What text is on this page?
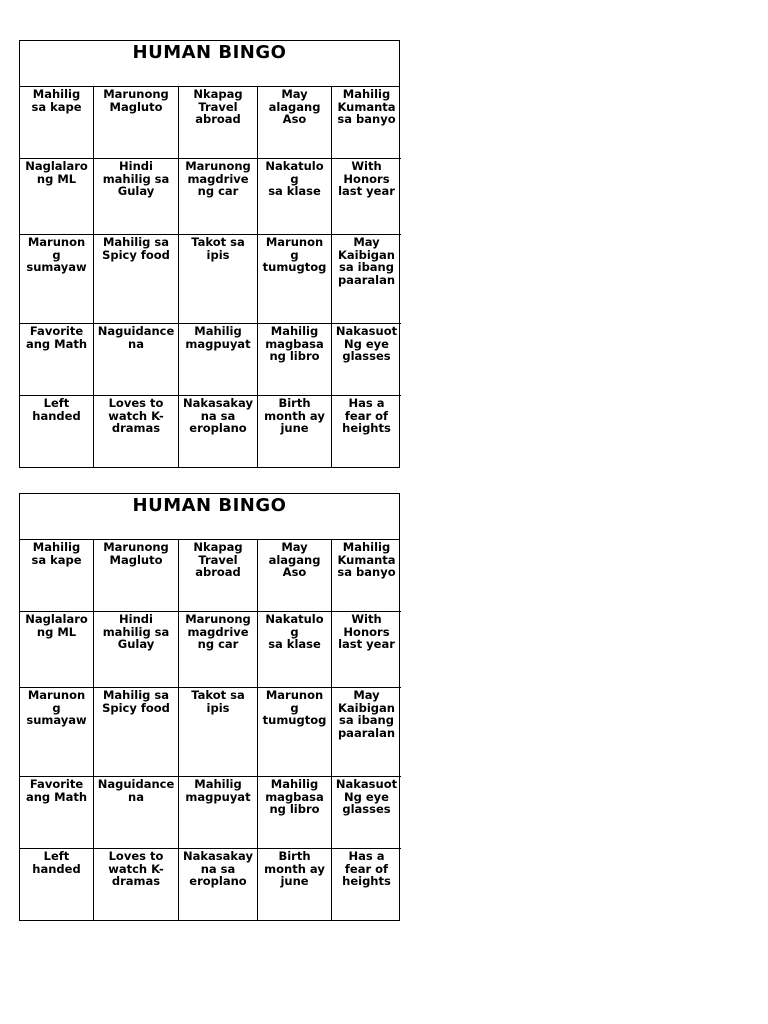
HUMAN BINGO
Mahilig
sa kape
Marunong
Magluto
Nkapag
Travel
abroad
May
alagang
Aso
Mahilig
Kumanta
sa banyo
Naglalaro
ng ML
Hindi
mahilig sa
Gulay
Marunong
magdrive
ng car
Nakatulo
g
sa klase
With
Honors
last year
Marunon
g
sumayaw
Mahilig sa
Spicy food
Takot sa
ipis
Marunon
g
tumugtog
May
Kaibigan
sa ibang
paaralan
Favorite
ang Math
Naguidance
na
Mahilig
magpuyat
Mahilig
magbasa
ng libro
Nakasuot
Ng eye
glasses
Left
handed
Loves to
watch K-
dramas
Nakasakay
na sa
eroplano
Birth
month ay
june
Has a
fear of
heights
HUMAN BINGO
Mahilig
sa kape
Marunong
Magluto
Nkapag
Travel
abroad
May
alagang
Aso
Mahilig
Kumanta
sa banyo
Naglalaro
ng ML
Hindi
mahilig sa
Gulay
Marunong
magdrive
ng car
Nakatulo
g
sa klase
With
Honors
last year
Marunon
g
sumayaw
Mahilig sa
Spicy food
Takot sa
ipis
Marunon
g
tumugtog
May
Kaibigan
sa ibang
paaralan
Favorite
ang Math
Naguidance
na
Mahilig
magpuyat
Mahilig
magbasa
ng libro
Nakasuot
Ng eye
glasses
Left
handed
Loves to
watch K-
dramas
Nakasakay
na sa
eroplano
Birth
month ay
june
Has a
fear of
heights
